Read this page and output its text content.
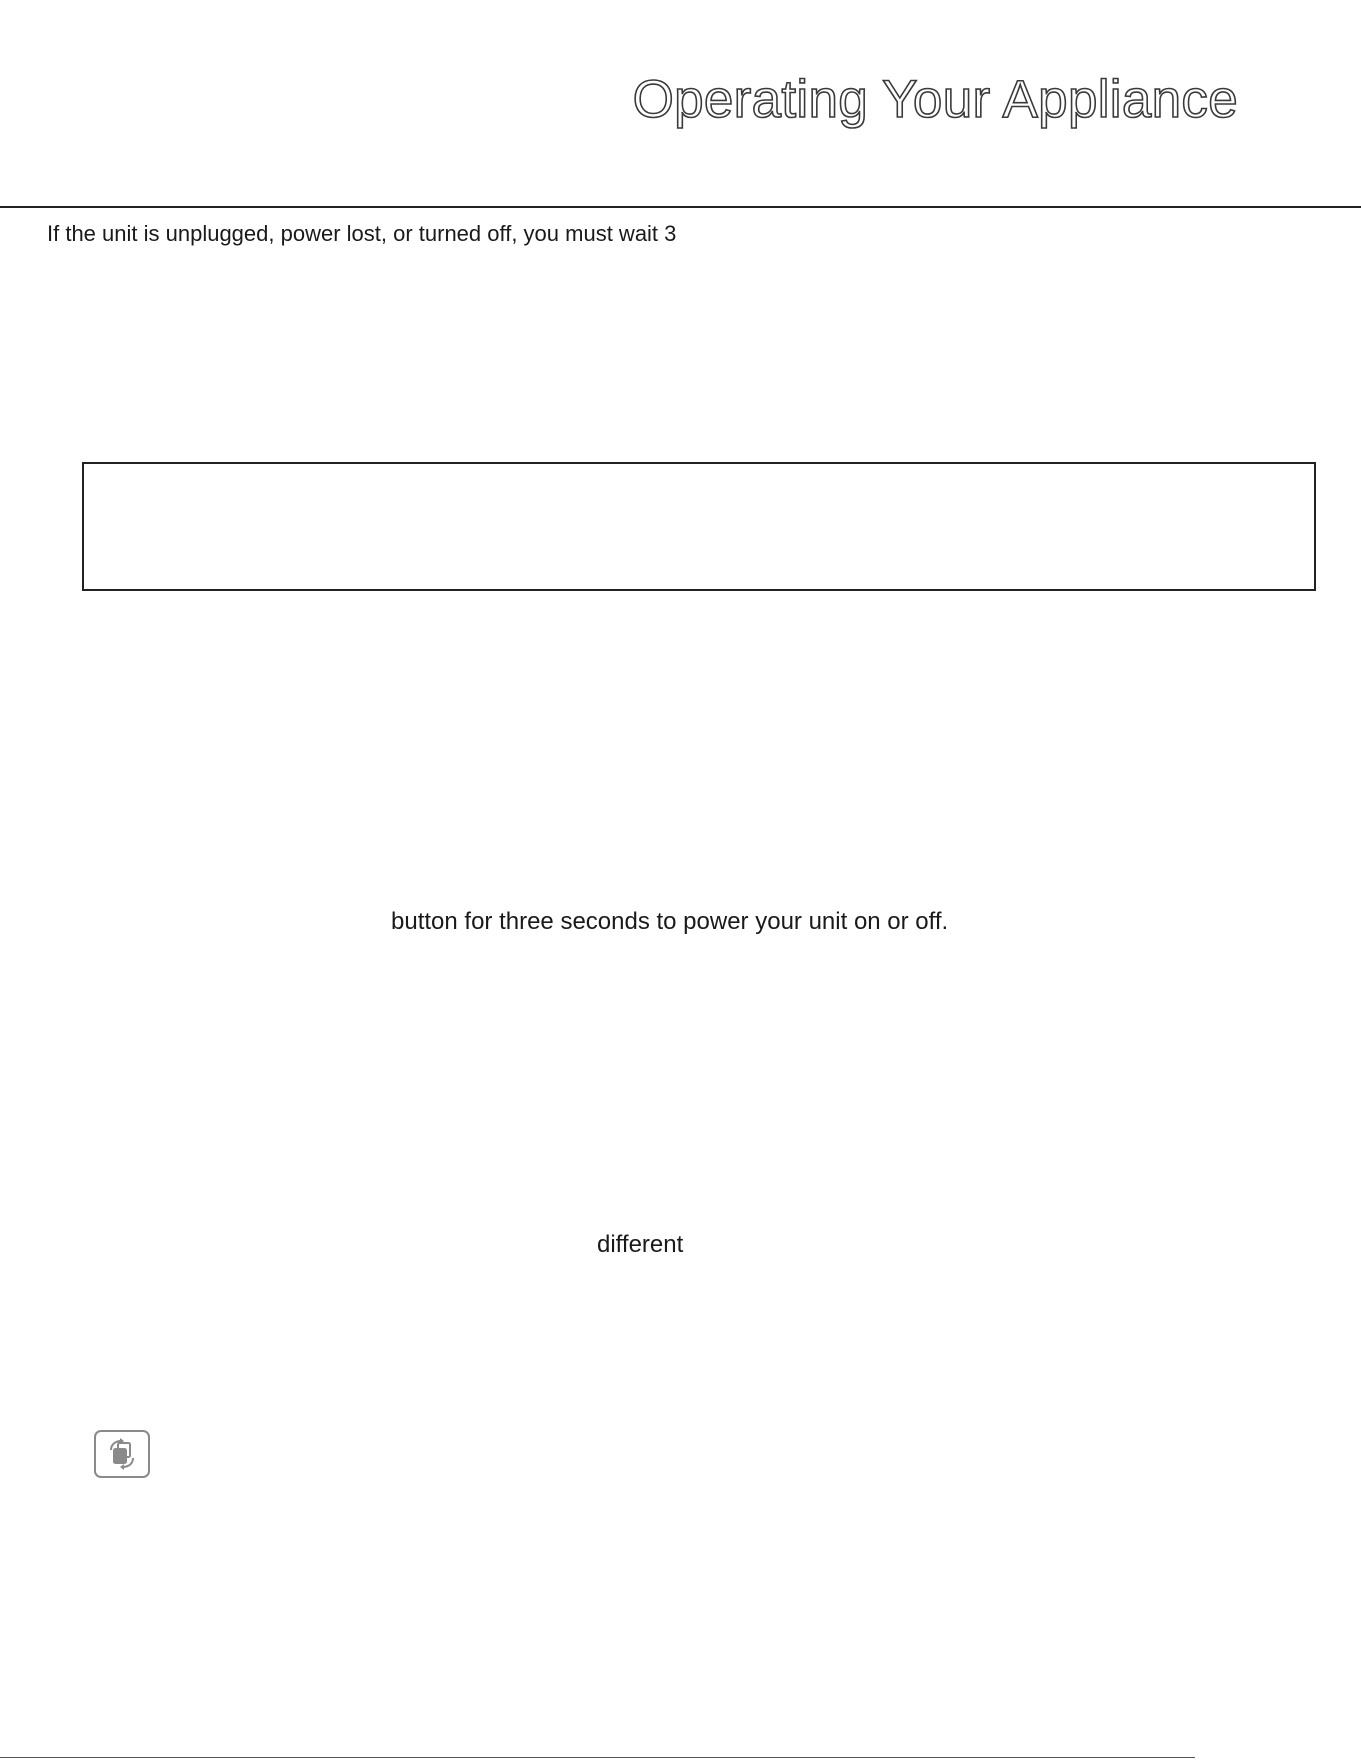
Operating Your Appliance

If the unit is unplugged, power lost, or turned off, you must wait 3

button for three seconds to power your unit on or off.

different
